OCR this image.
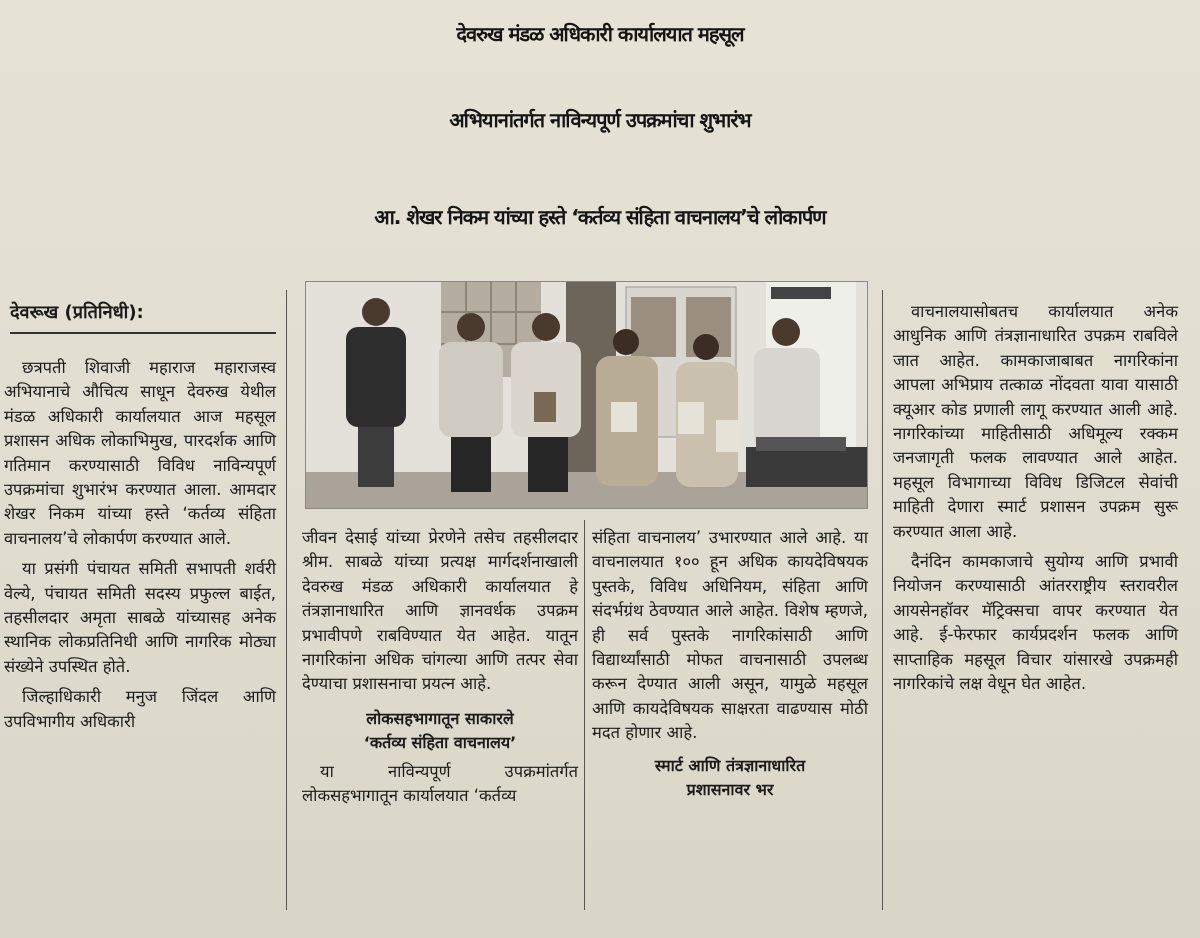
देवरुख मंडळ अधिकारी कार्यालयात महसूल
अभियानांतर्गत नाविन्यपूर्ण उपक्रमांचा शुभारंभ
आ. शेखर निकम यांच्या हस्ते ‘कर्तव्य संहिता वाचनालय’चे लोकार्पण
देवरूख (प्रतिनिधी):

छत्रपती शिवाजी महाराज महाराजस्व अभियानाचे औचित्य साधून देवरुख येथील मंडळ अधिकारी कार्यालयात आज महसूल प्रशासन अधिक लोकाभिमुख, पारदर्शक आणि गतिमान करण्यासाठी विविध नाविन्यपूर्ण उपक्रमांचा शुभारंभ करण्यात आला. आमदार शेखर निकम यांच्या हस्ते ‘कर्तव्य संहिता वाचनालय’चे लोकार्पण करण्यात आले.

या प्रसंगी पंचायत समिती सभापती शर्वरी वेल्ये, पंचायत समिती सदस्य प्रफुल्ल बाईत, तहसीलदार अमृता साबळे यांच्यासह अनेक स्थानिक लोकप्रतिनिधी आणि नागरिक मोठ्या संख्येने उपस्थित होते.

जिल्हाधिकारी मनुज जिंदल आणि उपविभागीय अधिकारी

जीवन देसाई यांच्या प्रेरणेने तसेच तहसीलदार श्रीम. साबळे यांच्या प्रत्यक्ष मार्गदर्शनाखाली देवरुख मंडळ अधिकारी कार्यालयात हे तंत्रज्ञानाधारित आणि ज्ञानवर्धक उपक्रम प्रभावीपणे राबविण्यात येत आहेत. यातून नागरिकांना अधिक चांगल्या आणि तत्पर सेवा देण्याचा प्रशासनाचा प्रयत्न आहे.

लोकसहभागातून साकारले
‘कर्तव्य संहिता वाचनालय’

या नाविन्यपूर्ण उपक्रमांतर्गत लोकसहभागातून कार्यालयात ‘कर्तव्य

संहिता वाचनालय’ उभारण्यात आले आहे. या वाचनालयात १०० हून अधिक कायदेविषयक पुस्तके, विविध अधिनियम, संहिता आणि संदर्भग्रंथ ठेवण्यात आले आहेत. विशेष म्हणजे, ही सर्व पुस्तके नागरिकांसाठी आणि विद्यार्थ्यांसाठी मोफत वाचनासाठी उपलब्ध करून देण्यात आली असून, यामुळे महसूल आणि कायदेविषयक साक्षरता वाढण्यास मोठी मदत होणार आहे.

स्मार्ट आणि तंत्रज्ञानाधारित
प्रशासनावर भर

वाचनालयासोबतच कार्यालयात अनेक आधुनिक आणि तंत्रज्ञानाधारित उपक्रम राबविले जात आहेत. कामकाजाबाबत नागरिकांना आपला अभिप्राय तत्काळ नोंदवता यावा यासाठी क्यूआर कोड प्रणाली लागू करण्यात आली आहे. नागरिकांच्या माहितीसाठी अधिमूल्य रक्कम जनजागृती फलक लावण्यात आले आहेत. महसूल विभागाच्या विविध डिजिटल सेवांची माहिती देणारा स्मार्ट प्रशासन उपक्रम सुरू करण्यात आला आहे.

दैनंदिन कामकाजाचे सुयोग्य आणि प्रभावी नियोजन करण्यासाठी आंतरराष्ट्रीय स्तरावरील आयसेनहॉवर मॅट्रिक्सचा वापर करण्यात येत आहे. ई-फेरफार कार्यप्रदर्शन फलक आणि साप्ताहिक महसूल विचार यांसारखे उपक्रमही नागरिकांचे लक्ष वेधून घेत आहेत.
